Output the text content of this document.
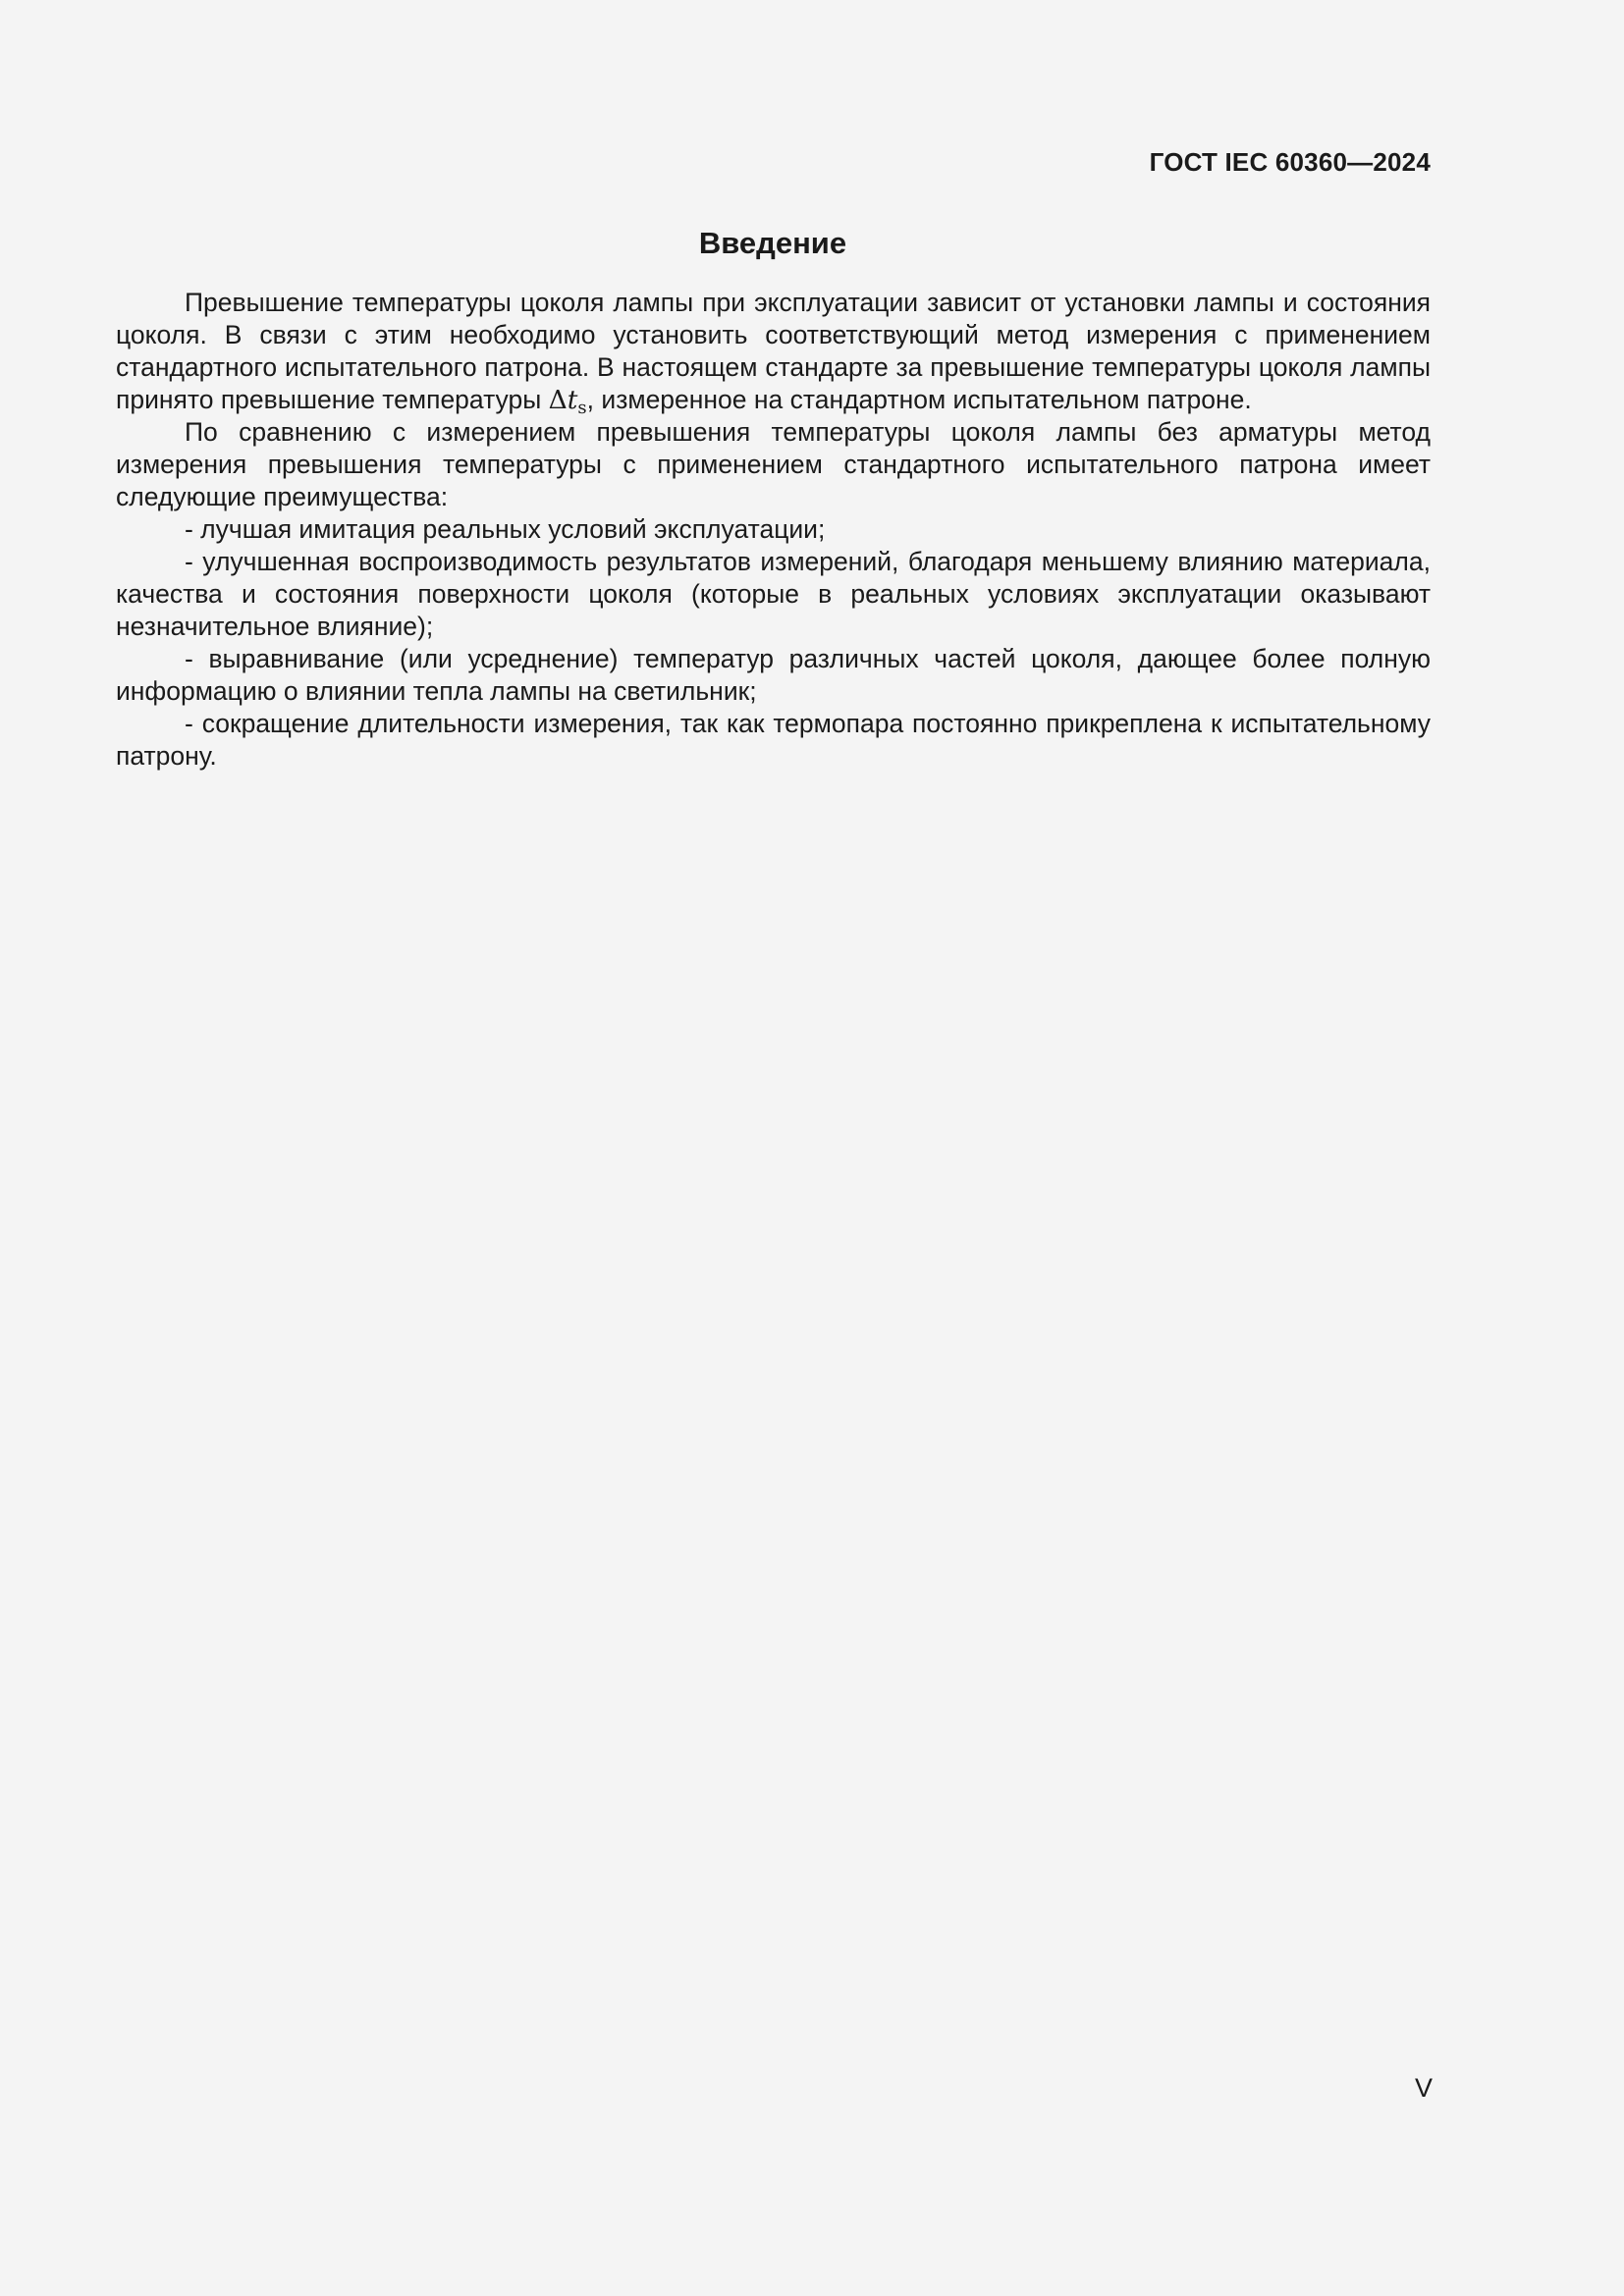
ГОСТ IEC 60360—2024
Введение

Превышение температуры цоколя лампы при эксплуатации зависит от установки лампы и состояния цоколя. В связи с этим необходимо установить соответствующий метод измерения с применением стандартного испытательного патрона. В настоящем стандарте за превышение температуры цоколя лампы принято превышение температуры $\Delta t_s$, измеренное на стандартном испытательном патроне.

По сравнению с измерением превышения температуры цоколя лампы без арматуры метод измерения превышения температуры с применением стандартного испытательного патрона имеет следующие преимущества:

- лучшая имитация реальных условий эксплуатации;

- улучшенная воспроизводимость результатов измерений, благодаря меньшему влиянию материала, качества и состояния поверхности цоколя (которые в реальных условиях эксплуатации оказывают незначительное влияние);

- выравнивание (или усреднение) температур различных частей цоколя, дающее более полную информацию о влиянии тепла лампы на светильник;

- сокращение длительности измерения, так как термопара постоянно прикреплена к испытательному патрону.

V
